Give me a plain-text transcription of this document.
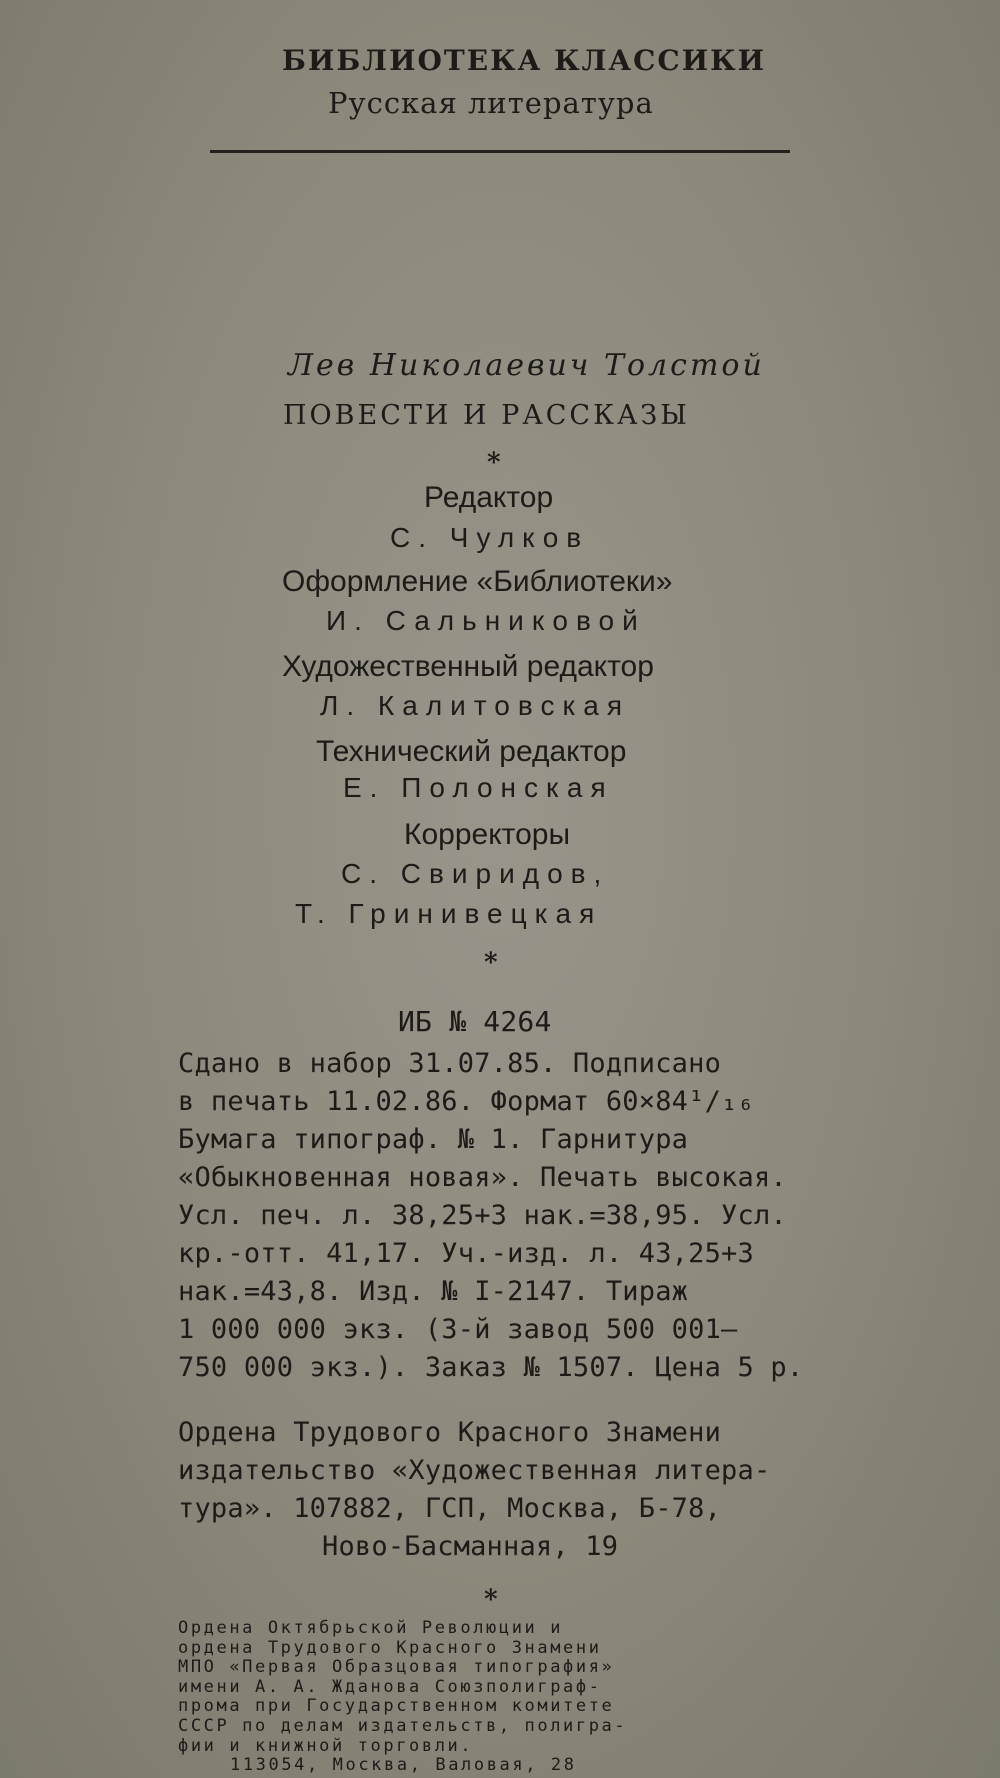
БИБЛИОТЕКА КЛАССИКИ
Русская литература
Лев Николаевич Толстой
ПОВЕСТИ И РАССКАЗЫ
*
Редактор
С. Чулков
Оформление «Библиотеки»
И. Сальниковой
Художественный редактор
Л. Калитовская
Технический редактор
Е. Полонская
Корректоры
С. Свиридов,
Т. Гринивецкая
*
ИБ № 4264
Сдано в набор 31.07.85. Подписано
в печать 11.02.86. Формат 60×84¹/₁₆
Бумага типограф. № 1. Гарнитура
«Обыкновенная новая». Печать высокая.
Усл. печ. л. 38,25+3 нак.=38,95. Усл.
кр.-отт. 41,17. Уч.-изд. л. 43,25+3
нак.=43,8. Изд. № I-2147. Тираж
1 000 000 экз. (3-й завод 500 001—
750 000 экз.). Заказ № 1507. Цена 5 р.
Ордена Трудового Красного Знамени
издательство «Художественная литера-
тура». 107882, ГСП, Москва, Б-78,
Ново-Басманная, 19
*
Ордена Октябрьской Революции и
ордена Трудового Красного Знамени
МПО «Первая Образцовая типография»
имени А. А. Жданова Союзполиграф-
прома при Государственном комитете
СССР по делам издательств, полигра-
фии и книжной торговли.
113054, Москва, Валовая, 28
